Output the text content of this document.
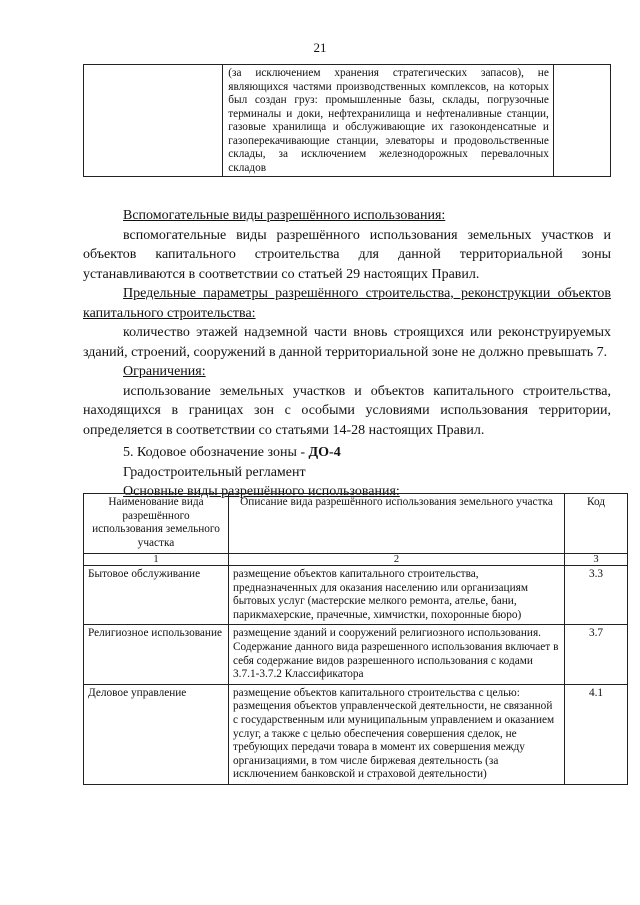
21

(за исключением хранения стратегических запасов), не являющихся частями производственных комплексов, на которых был создан груз: промышленные базы, склады, погрузочные терминалы и доки, нефтехранилища и нефтеналивные станции, газовые хранилища и обслуживающие их газоконденсатные и газоперекачивающие станции, элеваторы и продовольственные склады, за исключением железнодорожных перевалочных складов

Вспомогательные виды разрешённого использования:

вспомогательные виды разрешённого использования земельных участков и объектов капитального строительства для данной территориальной зоны устанавливаются в соответствии со статьей 29 настоящих Правил.

Предельные параметры разрешённого строительства, реконструкции объектов капитального строительства:

количество этажей надземной части вновь строящихся или реконструируемых зданий, строений, сооружений в данной территориальной зоне не должно превышать 7.

Ограничения:

использование земельных участков и объектов капитального строительства, находящихся в границах зон с особыми условиями использования территории, определяется в соответствии со статьями 14-28 настоящих Правил.

5. Кодовое обозначение зоны - ДО-4

Градостроительный регламент

Основные виды разрешённого использования:

Наименование вида разрешённого использования земельного участка	Описание вида разрешённого использования земельного участка	Код
1	2	3
Бытовое обслуживание	размещение объектов капитального строительства, предназначенных для оказания населению или организациям бытовых услуг (мастерские мелкого ремонта, ателье, бани, парикмахерские, прачечные, химчистки, похоронные бюро)	3.3
Религиозное использование	размещение зданий и сооружений религиозного использования. Содержание данного вида разрешенного использования включает в себя содержание видов разрешенного использования с кодами 3.7.1-3.7.2 Классификатора	3.7
Деловое управление	размещение объектов капитального строительства с целью: размещения объектов управленческой деятельности, не связанной с государственным или муниципальным управлением и оказанием услуг, а также с целью обеспечения совершения сделок, не требующих передачи товара в момент их совершения между организациями, в том числе биржевая деятельность (за исключением банковской и страховой деятельности)	4.1
